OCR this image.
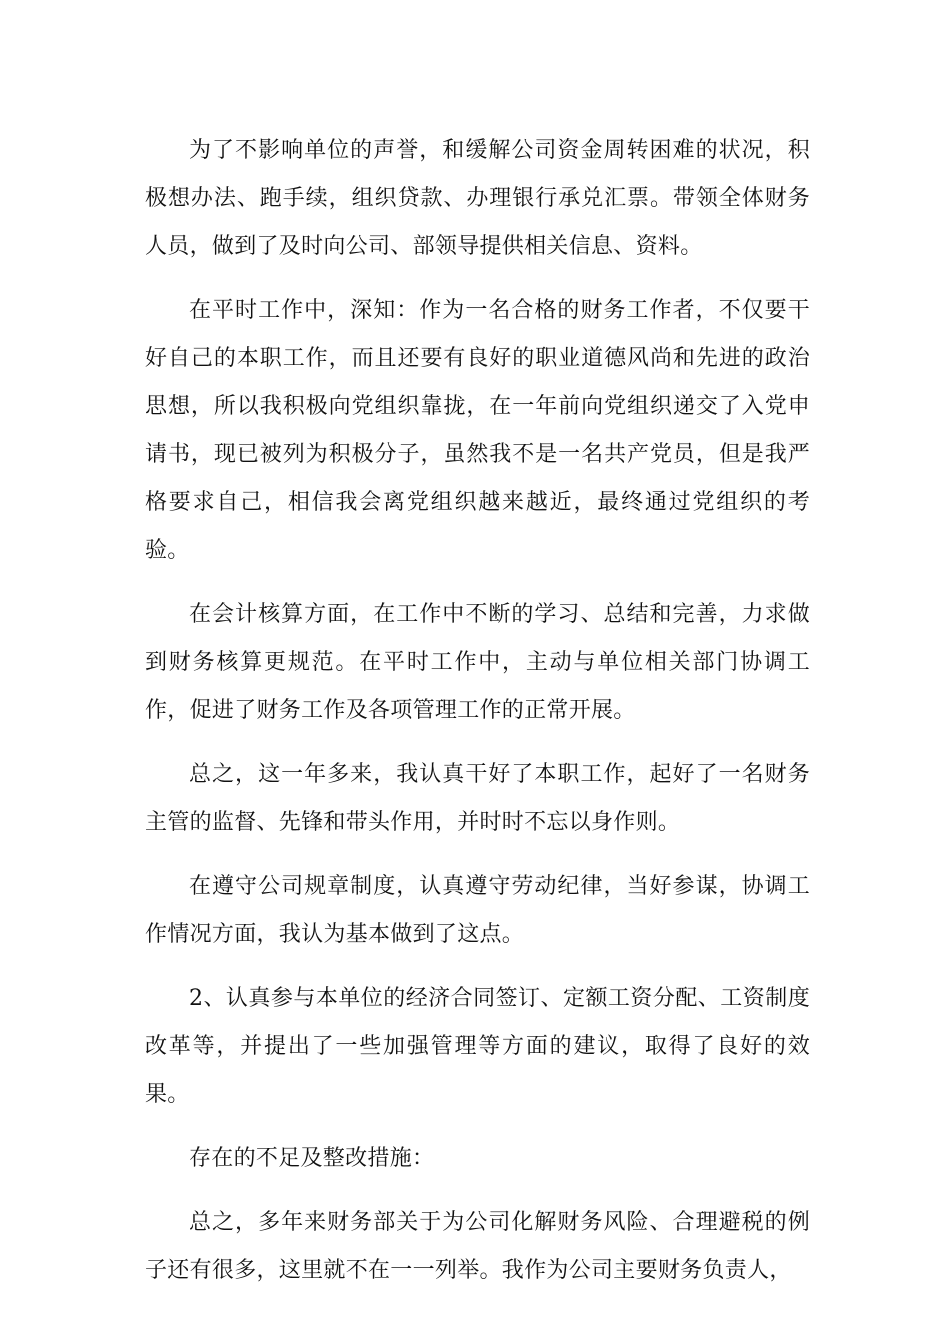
为了不影响单位的声誉，和缓解公司资金周转困难的状况，积极想办法、跑手续，组织贷款、办理银行承兑汇票。带领全体财务人员，做到了及时向公司、部领导提供相关信息、资料。

在平时工作中，深知：作为一名合格的财务工作者，不仅要干好自己的本职工作，而且还要有良好的职业道德风尚和先进的政治思想，所以我积极向党组织靠拢，在一年前向党组织递交了入党申请书，现已被列为积极分子，虽然我不是一名共产党员，但是我严格要求自己，相信我会离党组织越来越近，最终通过党组织的考验。

在会计核算方面，在工作中不断的学习、总结和完善，力求做到财务核算更规范。在平时工作中，主动与单位相关部门协调工作，促进了财务工作及各项管理工作的正常开展。

总之，这一年多来，我认真干好了本职工作，起好了一名财务主管的监督、先锋和带头作用，并时时不忘以身作则。

在遵守公司规章制度，认真遵守劳动纪律，当好参谋，协调工作情况方面，我认为基本做到了这点。

2、认真参与本单位的经济合同签订、定额工资分配、工资制度改革等，并提出了一些加强管理等方面的建议，取得了良好的效果。

存在的不足及整改措施：

总之，多年来财务部关于为公司化解财务风险、合理避税的例子还有很多，这里就不在一一列举。我作为公司主要财务负责人，
